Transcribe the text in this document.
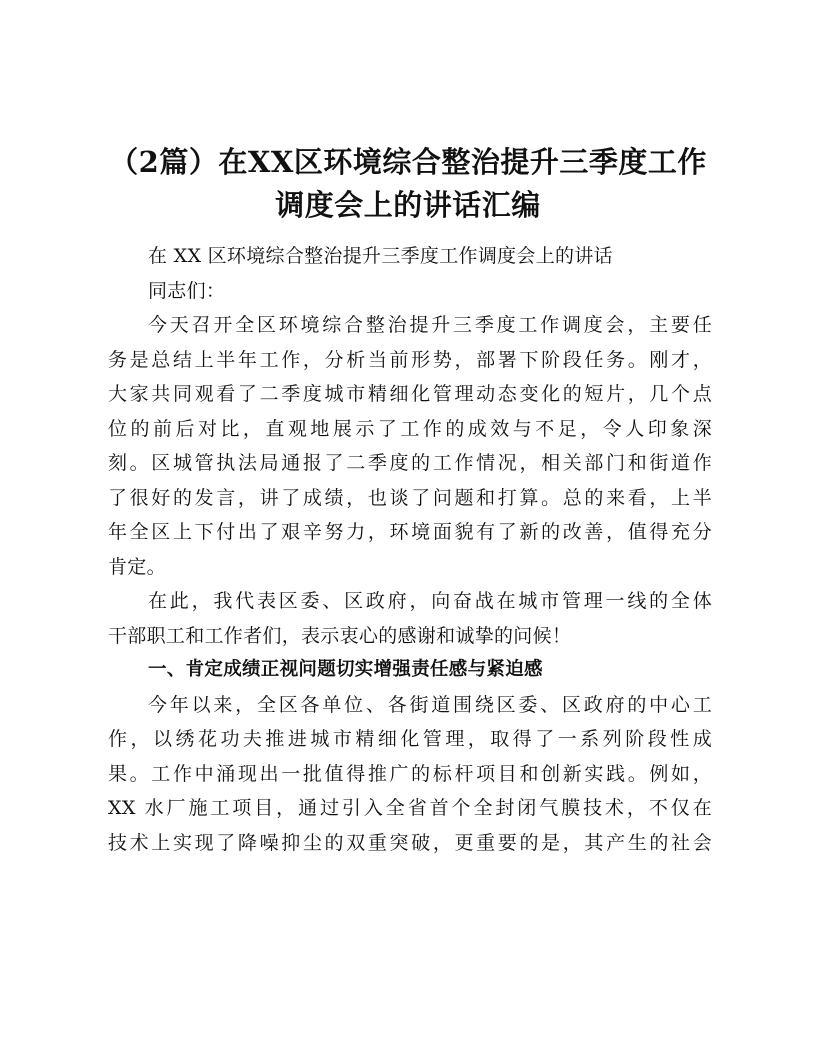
（2篇）在XX区环境综合整治提升三季度工作
调度会上的讲话汇编
在 XX 区环境综合整治提升三季度工作调度会上的讲话
同志们：
今天召开全区环境综合整治提升三季度工作调度会，主要任
务是总结上半年工作，分析当前形势，部署下阶段任务。刚才，
大家共同观看了二季度城市精细化管理动态变化的短片，几个点
位的前后对比，直观地展示了工作的成效与不足，令人印象深
刻。区城管执法局通报了二季度的工作情况，相关部门和街道作
了很好的发言，讲了成绩，也谈了问题和打算。总的来看，上半
年全区上下付出了艰辛努力，环境面貌有了新的改善，值得充分
肯定。
在此，我代表区委、区政府，向奋战在城市管理一线的全体
干部职工和工作者们，表示衷心的感谢和诚挚的问候！
一、肯定成绩正视问题切实增强责任感与紧迫感
今年以来，全区各单位、各街道围绕区委、区政府的中心工
作，以绣花功夫推进城市精细化管理，取得了一系列阶段性成
果。工作中涌现出一批值得推广的标杆项目和创新实践。例如，
XX 水厂施工项目，通过引入全省首个全封闭气膜技术，不仅在
技术上实现了降噪抑尘的双重突破，更重要的是，其产生的社会
